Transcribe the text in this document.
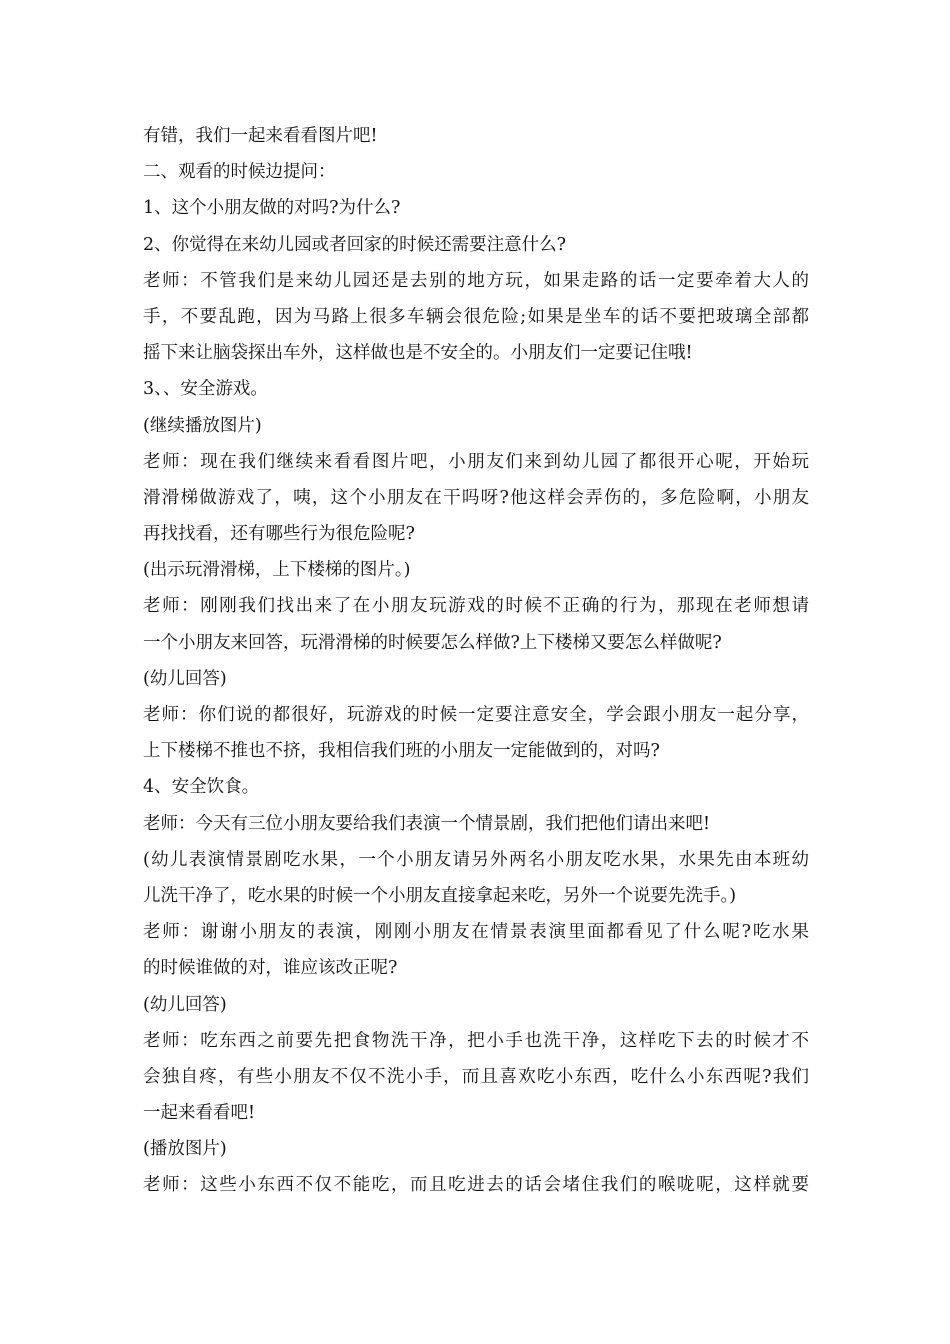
有错，我们一起来看看图片吧!
二、观看的时候边提问：
1、这个小朋友做的对吗?为什么?
2、你觉得在来幼儿园或者回家的时候还需要注意什么?
老师：不管我们是来幼儿园还是去别的地方玩，如果走路的话一定要牵着大人的
手，不要乱跑，因为马路上很多车辆会很危险;如果是坐车的话不要把玻璃全部都
摇下来让脑袋探出车外，这样做也是不安全的。小朋友们一定要记住哦!
3、、安全游戏。
(继续播放图片)
老师：现在我们继续来看看图片吧，小朋友们来到幼儿园了都很开心呢，开始玩
滑滑梯做游戏了，咦，这个小朋友在干吗呀?他这样会弄伤的，多危险啊，小朋友
再找找看，还有哪些行为很危险呢?
(出示玩滑滑梯，上下楼梯的图片。)
老师：刚刚我们找出来了在小朋友玩游戏的时候不正确的行为，那现在老师想请
一个小朋友来回答，玩滑滑梯的时候要怎么样做?上下楼梯又要怎么样做呢?
(幼儿回答)
老师：你们说的都很好，玩游戏的时候一定要注意安全，学会跟小朋友一起分享，
上下楼梯不推也不挤，我相信我们班的小朋友一定能做到的，对吗?
4、安全饮食。
老师：今天有三位小朋友要给我们表演一个情景剧，我们把他们请出来吧!
(幼儿表演情景剧吃水果，一个小朋友请另外两名小朋友吃水果，水果先由本班幼
儿洗干净了，吃水果的时候一个小朋友直接拿起来吃，另外一个说要先洗手。)
老师：谢谢小朋友的表演，刚刚小朋友在情景表演里面都看见了什么呢?吃水果
的时候谁做的对，谁应该改正呢?
(幼儿回答)
老师：吃东西之前要先把食物洗干净，把小手也洗干净，这样吃下去的时候才不
会独自疼，有些小朋友不仅不洗小手，而且喜欢吃小东西，吃什么小东西呢?我们
一起来看看吧!
(播放图片)
老师：这些小东西不仅不能吃，而且吃进去的话会堵住我们的喉咙呢，这样就要
